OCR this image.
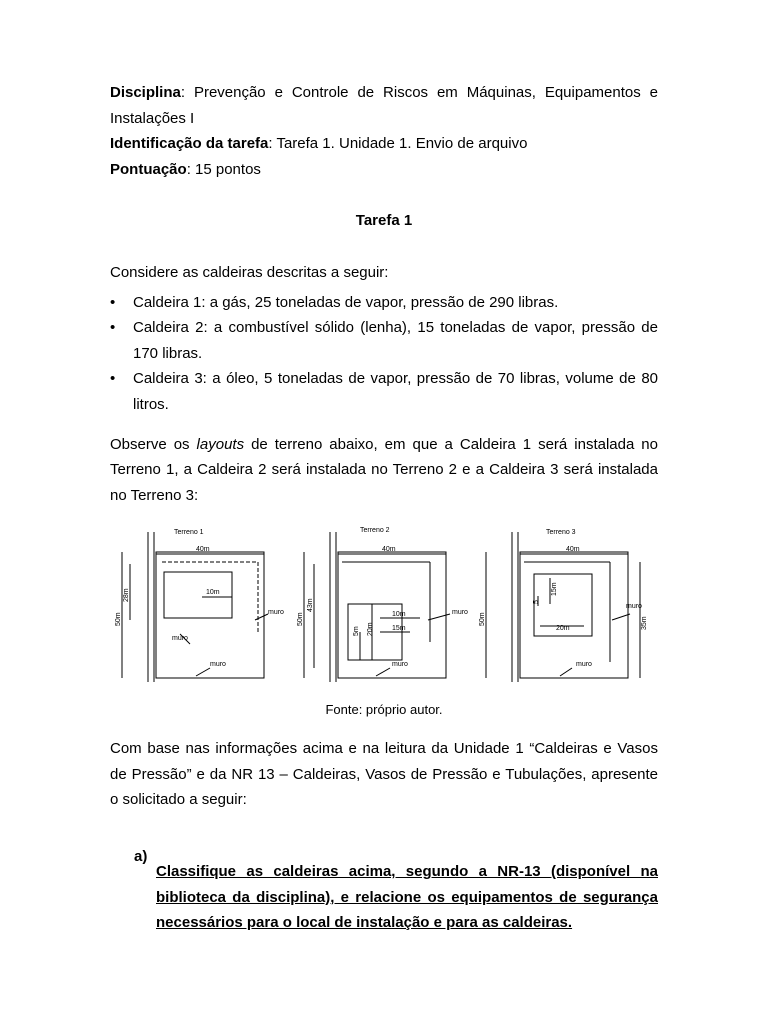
Disciplina: Prevenção e Controle de Riscos em Máquinas, Equipamentos e Instalações I

Identificação da tarefa: Tarefa 1. Unidade 1. Envio de arquivo

Pontuação: 15 pontos

Tarefa 1

Considere as caldeiras descritas a seguir:

• Caldeira 1: a gás, 25 toneladas de vapor, pressão de 290 libras.
• Caldeira 2: a combustível sólido (lenha), 15 toneladas de vapor, pressão de 170 libras.
• Caldeira 3: a óleo, 5 toneladas de vapor, pressão de 70 libras, volume de 80 litros.

Observe os layouts de terreno abaixo, em que a Caldeira 1 será instalada no Terreno 1, a Caldeira 2 será instalada no Terreno 2 e a Caldeira 3 será instalada no Terreno 3:

Terreno 1
40m
50m
28m	10m
muro
muro
muro
Terreno 2
40m
50m
43m
10m
15m
5m 20m
muro
muro
Terreno 3
40m
50m
5
15m
20m	35m
muro
muro
Fonte: próprio autor.

Com base nas informações acima e na leitura da Unidade 1 “Caldeiras e Vasos de Pressão” e da NR 13 – Caldeiras, Vasos de Pressão e Tubulações, apresente o solicitado a seguir:

a)

Classifique as caldeiras acima, segundo a NR-13 (disponível na biblioteca da disciplina), e relacione os equipamentos de segurança necessários para o local de instalação e para as caldeiras.
